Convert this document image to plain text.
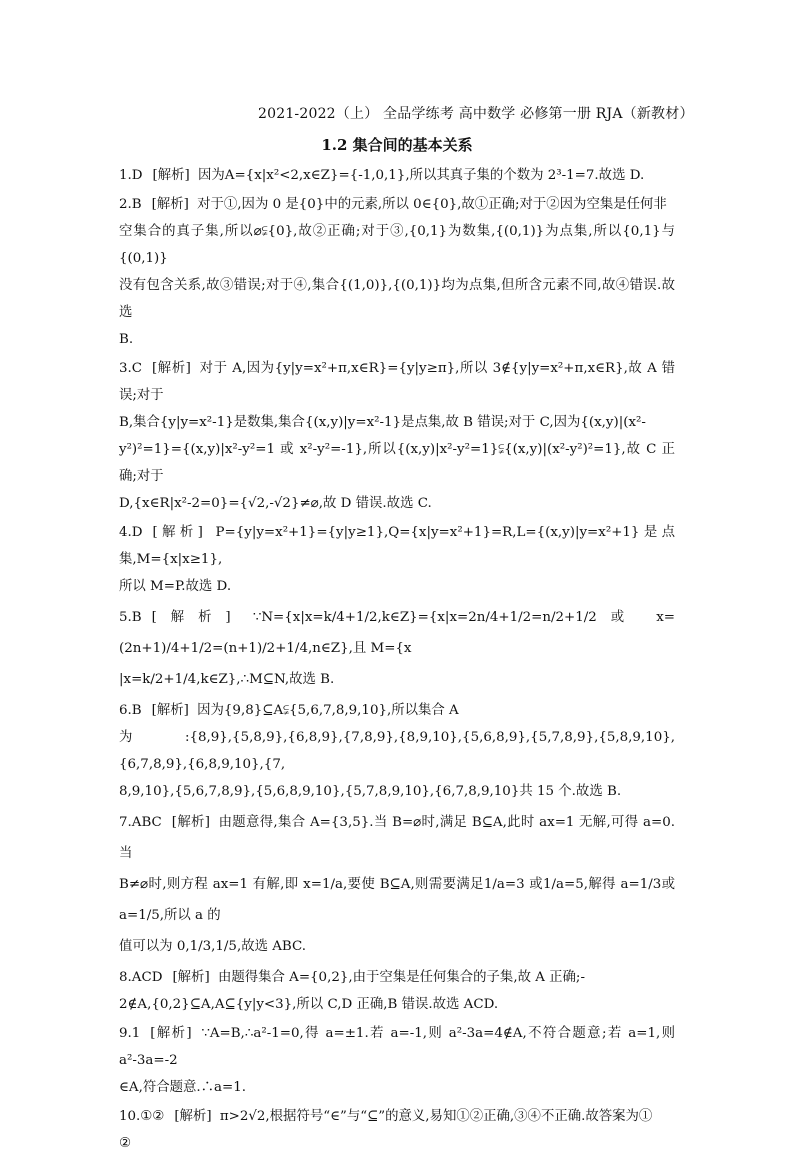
2021-2022（上） 全品学练考 高中数学 必修第一册 RJA（新教材）
1.2 集合间的基本关系

1.D [解析] 因为A={x|x²<2,x∈Z}={-1,0,1},所以其真子集的个数为 2³-1=7.故选 D.

2.B [解析] 对于①,因为 0 是{0}中的元素,所以 0∈{0},故①正确;对于②因为空集是任何非

空集合的真子集,所以⌀⫋{0},故②正确;对于③,{0,1}为数集,{(0,1)}为点集,所以{0,1}与{(0,1)}

没有包含关系,故③错误;对于④,集合{(1,0)},{(0,1)}均为点集,但所含元素不同,故④错误.故选

B.

3.C [解析] 对于 A,因为{y|y=x²+π,x∈R}={y|y≥π},所以 3∉{y|y=x²+π,x∈R},故 A 错误;对于

B,集合{y|y=x²-1}是数集,集合{(x,y)|y=x²-1}是点集,故 B 错误;对于 C,因为{(x,y)|(x²-

y²)²=1}={(x,y)|x²-y²=1 或 x²-y²=-1},所以{(x,y)|x²-y²=1}⫋{(x,y)|(x²-y²)²=1},故 C 正确;对于

D,{x∈R|x²-2=0}={√2,-√2}≠⌀,故 D 错误.故选 C.

4.D [解析] P={y|y=x²+1}={y|y≥1},Q={x|y=x²+1}=R,L={(x,y)|y=x²+1}是点集,M={x|x≥1},

所以 M=P.故选 D.

5.B [解析] ∵N={x|x=k/4+1/2,k∈Z}={x|x=2n/4+1/2=n/2+1/2或 x=(2n+1)/4+1/2=(n+1)/2+1/4,n∈Z},且 M={x

|x=k/2+1/4,k∈Z},∴M⊆N,故选 B.

6.B [解析] 因为{9,8}⊆A⫋{5,6,7,8,9,10},所以集合 A

为:{8,9},{5,8,9},{6,8,9},{7,8,9},{8,9,10},{5,6,8,9},{5,7,8,9},{5,8,9,10},{6,7,8,9},{6,8,9,10},{7,

8,9,10},{5,6,7,8,9},{5,6,8,9,10},{5,7,8,9,10},{6,7,8,9,10}共 15 个.故选 B.

7.ABC [解析] 由题意得,集合 A={3,5}.当 B=⌀时,满足 B⊆A,此时 ax=1 无解,可得 a=0.当

B≠⌀时,则方程 ax=1 有解,即 x=1/a,要使 B⊆A,则需要满足1/a=3 或1/a=5,解得 a=1/3或 a=1/5,所以 a 的

值可以为 0,1/3,1/5,故选 ABC.

8.ACD [解析] 由题得集合 A={0,2},由于空集是任何集合的子集,故 A 正确;-

2∉A,{0,2}⊆A,A⊆{y|y<3},所以 C,D 正确,B 错误.故选 ACD.

9.1 [解析] ∵A=B,∴a²-1=0,得 a=±1.若 a=-1,则 a²-3a=4∉A,不符合题意;若 a=1,则 a²-3a=-2

∈A,符合题意.∴a=1.

10.①② [解析] π>2√2,根据符号“∈”与“⊆”的意义,易知①②正确,③④不正确.故答案为①

②
